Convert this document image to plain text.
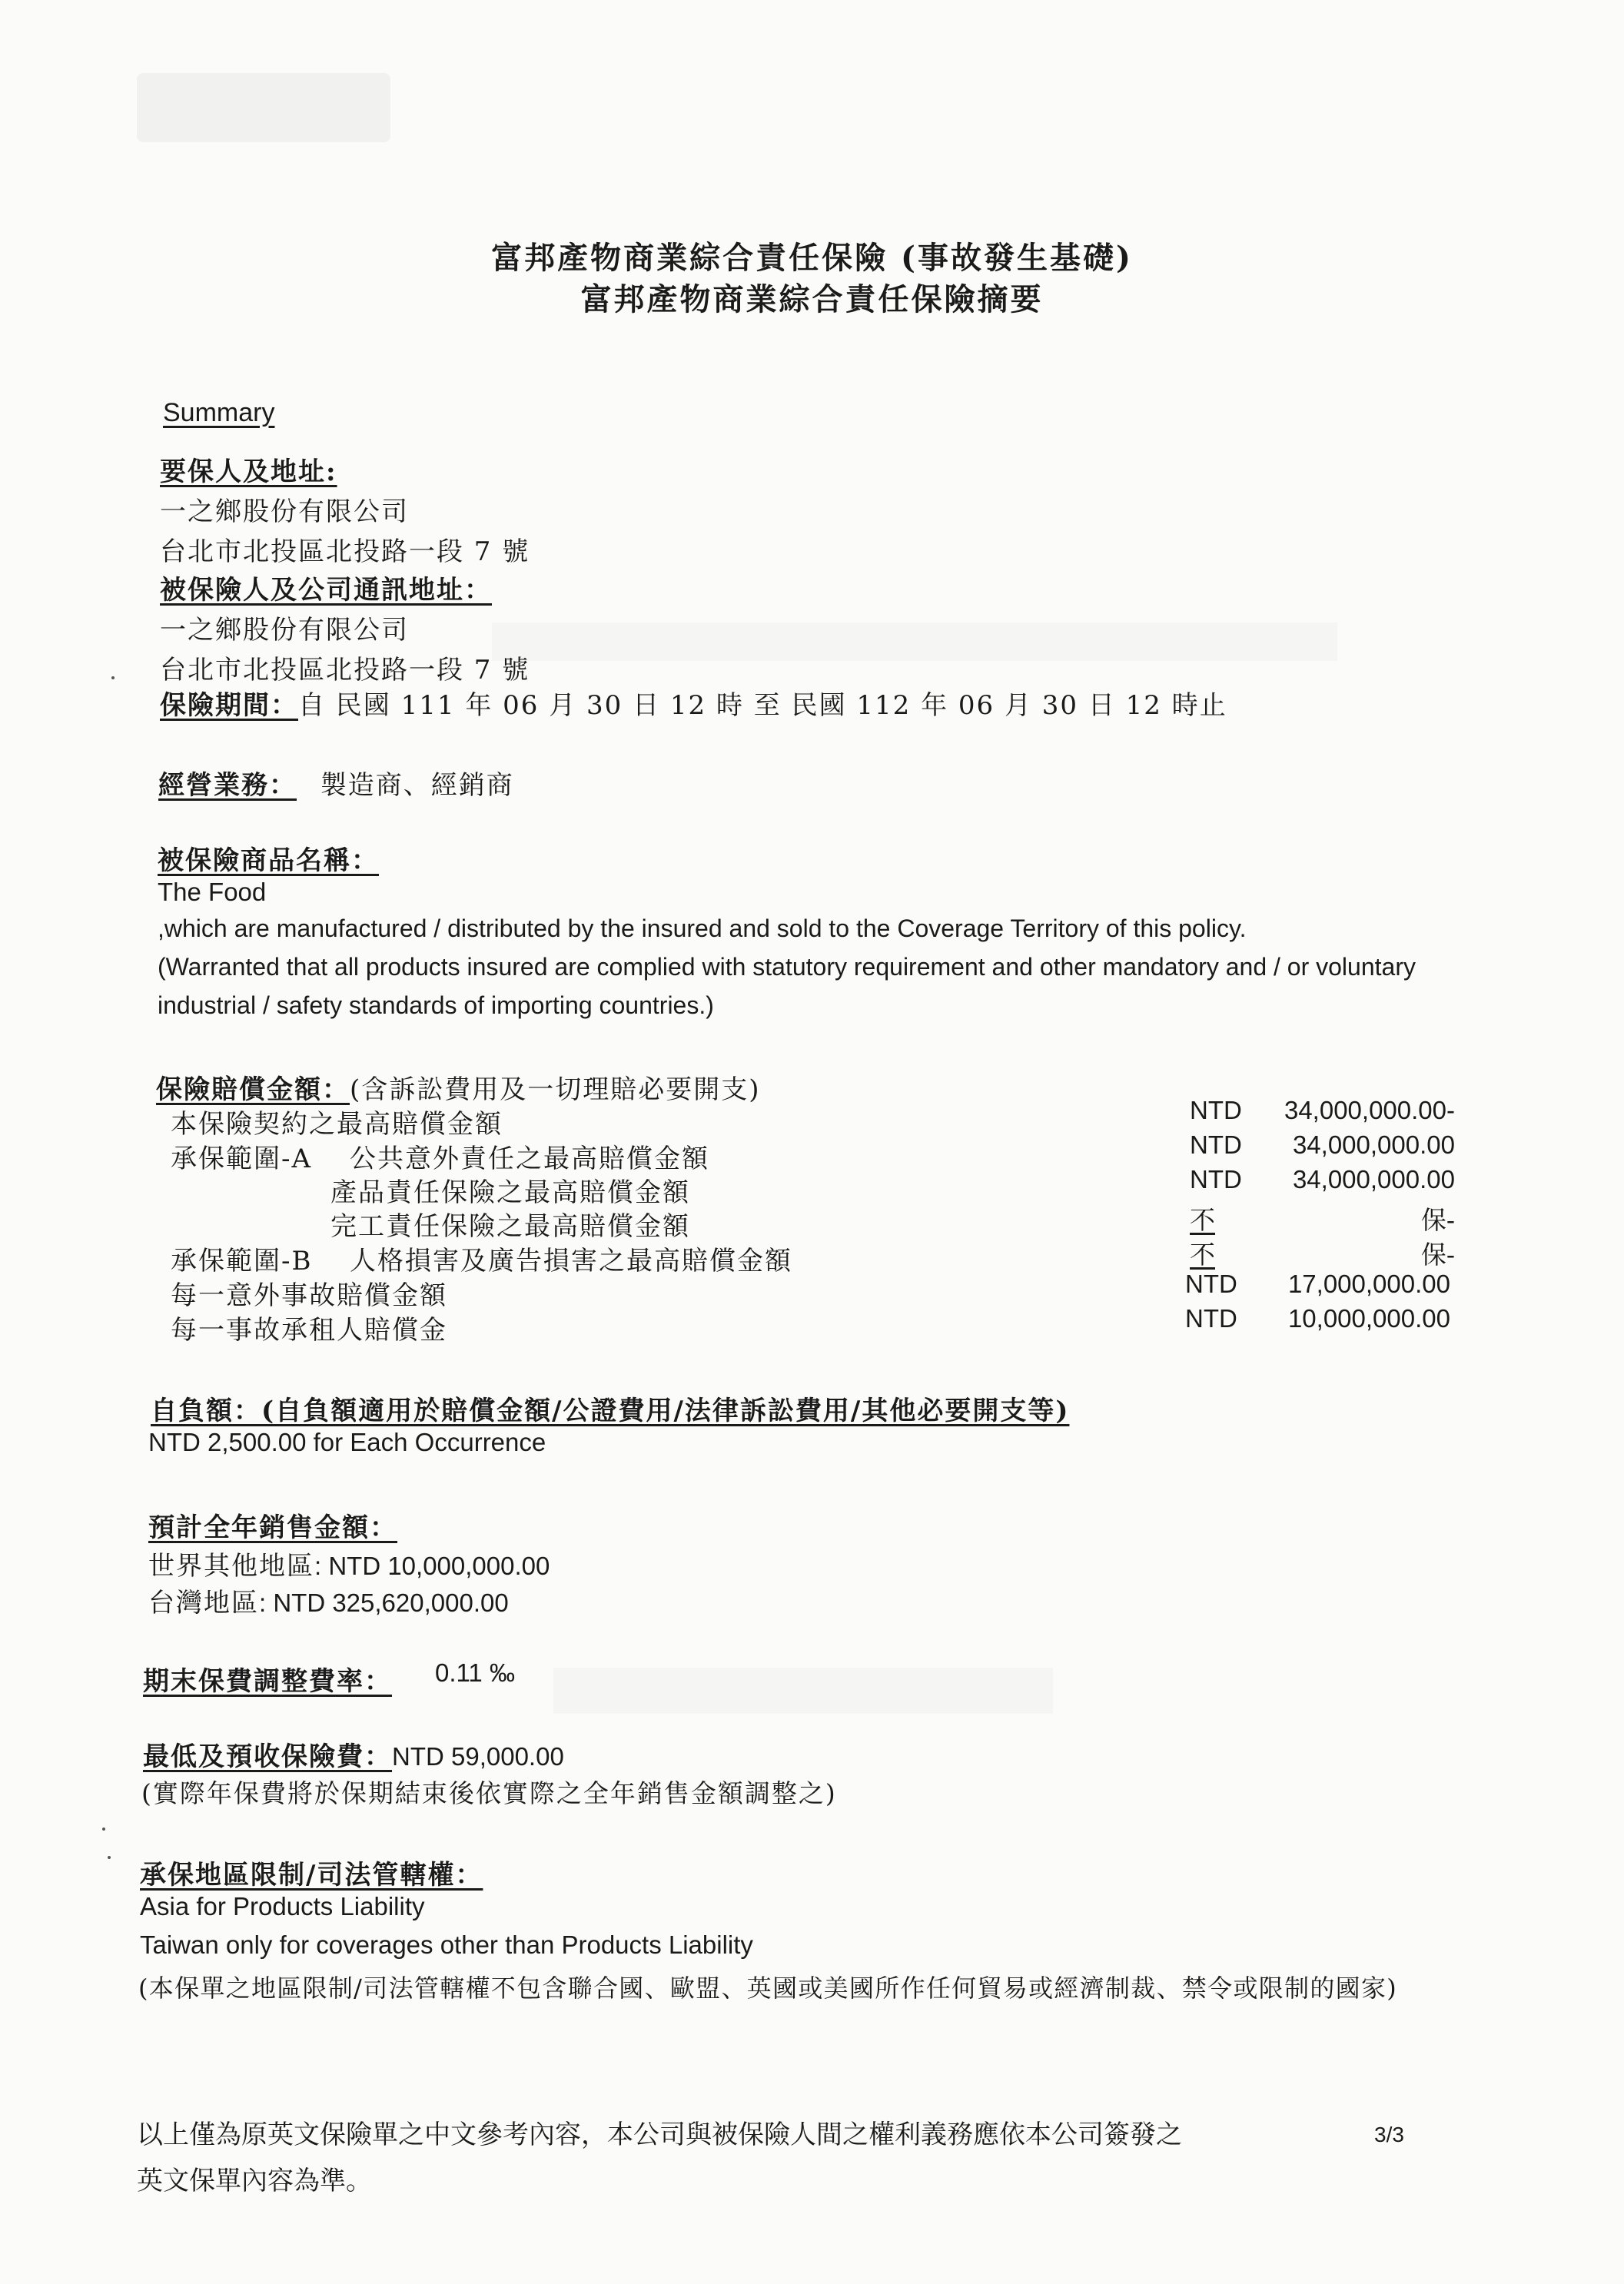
富邦產物商業綜合責任保險 (事故發生基礎)
富邦產物商業綜合責任保險摘要
Summary
要保人及地址:
一之鄉股份有限公司
台北市北投區北投路一段 7 號
被保險人及公司通訊地址：
一之鄉股份有限公司
台北市北投區北投路一段 7 號
保險期間：自 民國 111 年 06 月 30 日 12 時 至 民國 112 年 06 月 30 日 12 時止
經營業務： 製造商、經銷商
被保險商品名稱：
The Food
,which are manufactured / distributed by the insured and sold to the Coverage Territory of this policy.
(Warranted that all products insured are complied with statutory requirement and other mandatory and / or voluntary
industrial / safety standards of importing countries.)
保險賠償金額：(含訴訟費用及一切理賠必要開支)
本保險契約之最高賠償金額
承保範圍-A 公共意外責任之最高賠償金額
產品責任保險之最高賠償金額
完工責任保險之最高賠償金額
承保範圍-B 人格損害及廣告損害之最高賠償金額
每一意外事故賠償金額
每一事故承租人賠償金
NTD 34,000,000.00-
NTD 34,000,000.00
NTD 34,000,000.00
不	保-
不	保-
NTD 17,000,000.00
NTD 10,000,000.00
自負額：(自負額適用於賠償金額/公證費用/法律訴訟費用/其他必要開支等)
NTD 2,500.00 for Each Occurrence
預計全年銷售金額：
世界其他地區: NTD 10,000,000.00
台灣地區: NTD 325,620,000.00
期末保費調整費率： 0.11 ‰
最低及預收保險費：NTD 59,000.00
(實際年保費將於保期結束後依實際之全年銷售金額調整之)
承保地區限制/司法管轄權：
Asia for Products Liability
Taiwan only for coverages other than Products Liability
(本保單之地區限制/司法管轄權不包含聯合國、歐盟、英國或美國所作任何貿易或經濟制裁、禁令或限制的國家)
以上僅為原英文保險單之中文參考內容，本公司與被保險人間之權利義務應依本公司簽發之
英文保單內容為準。
3/3
